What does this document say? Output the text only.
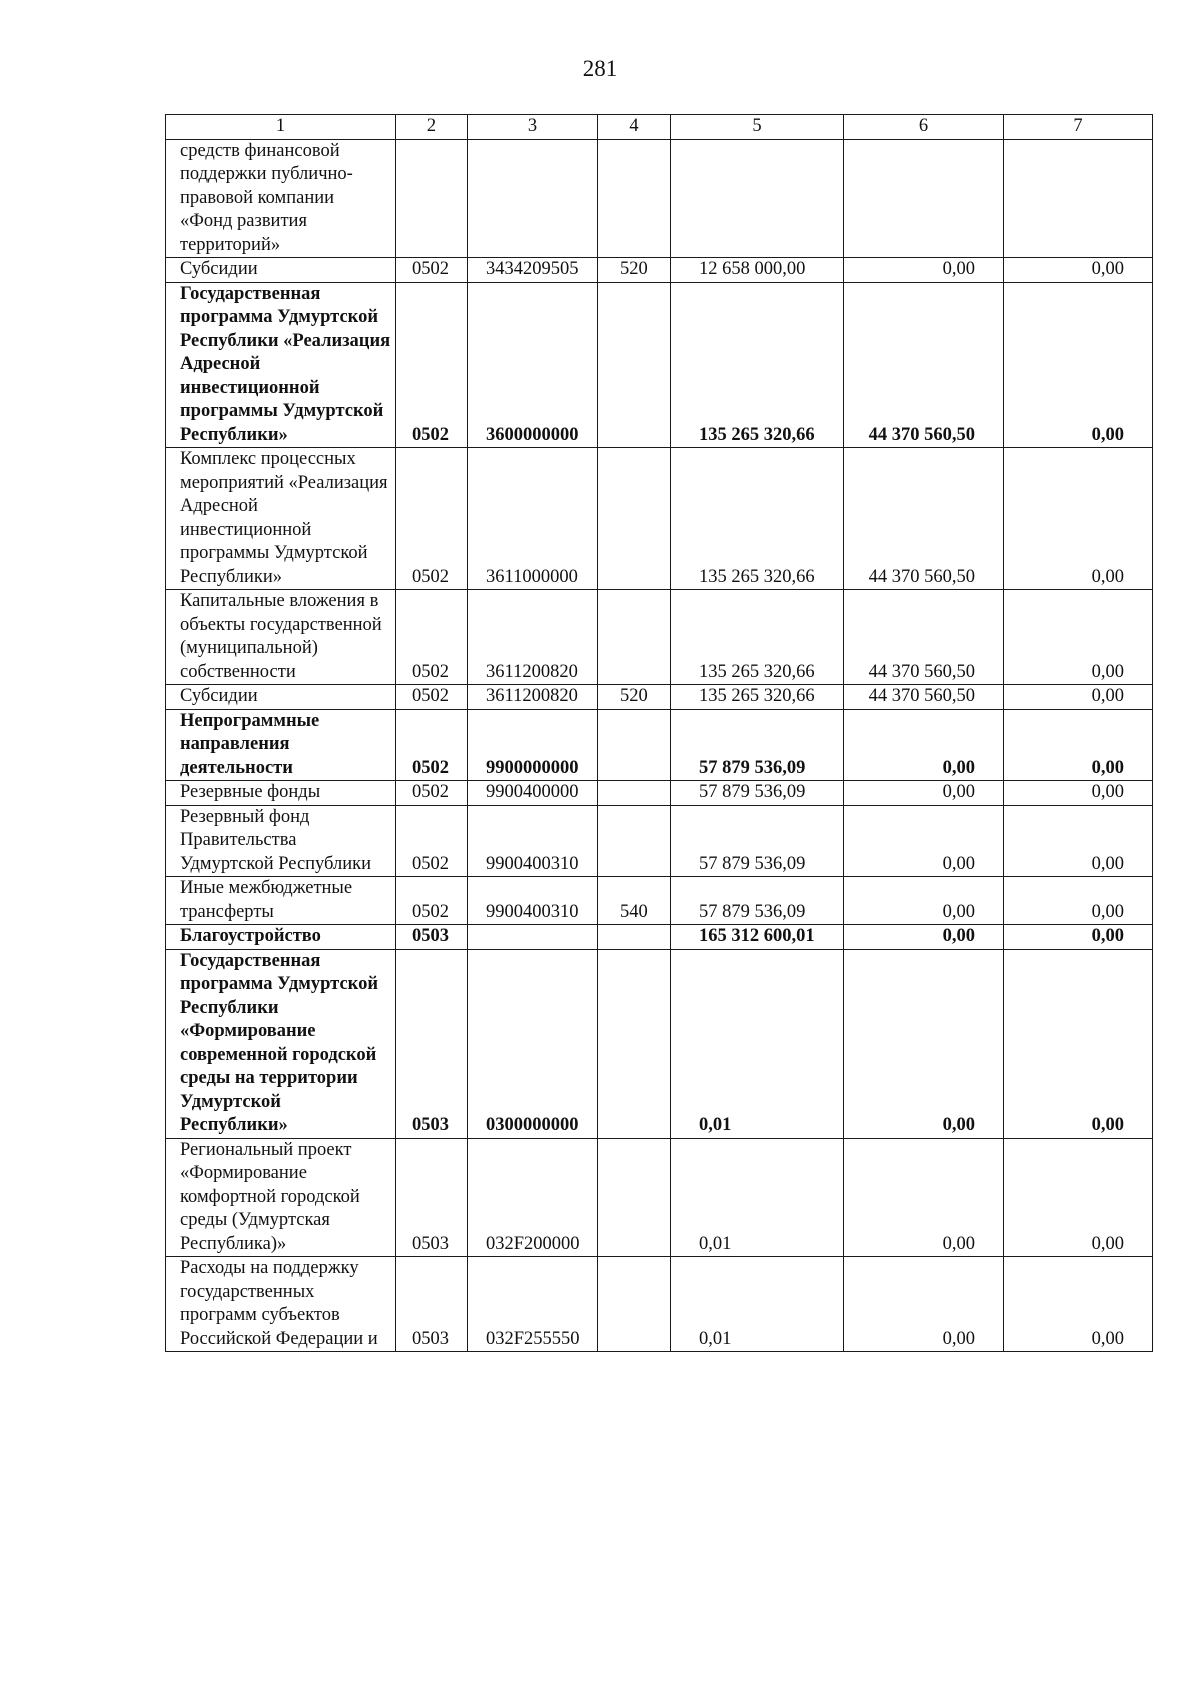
281
1	2	3	4	5	6	7
средств финансовой поддержки публично-правовой компании «Фонд развития территорий»						
Субсидии	0502	3434209505	520	12 658 000,00	0,00	0,00
Государственная программа Удмуртской Республики «Реализация Адресной инвестиционной программы Удмуртской Республики»	0502	3600000000		135 265 320,66	44 370 560,50	0,00
Комплекс процессных мероприятий «Реализация Адресной инвестиционной программы Удмуртской Республики»	0502	3611000000		135 265 320,66	44 370 560,50	0,00
Капитальные вложения в объекты государственной (муниципальной) собственности	0502	3611200820		135 265 320,66	44 370 560,50	0,00
Субсидии	0502	3611200820	520	135 265 320,66	44 370 560,50	0,00
Непрограммные направления деятельности	0502	9900000000		57 879 536,09	0,00	0,00
Резервные фонды	0502	9900400000		57 879 536,09	0,00	0,00
Резервный фонд Правительства Удмуртской Республики	0502	9900400310		57 879 536,09	0,00	0,00
Иные межбюджетные трансферты	0502	9900400310	540	57 879 536,09	0,00	0,00
Благоустройство	0503			165 312 600,01	0,00	0,00
Государственная программа Удмуртской Республики «Формирование современной городской среды на территории Удмуртской Республики»	0503	0300000000		0,01	0,00	0,00
Региональный проект «Формирование комфортной городской среды (Удмуртская Республика)»	0503	032F200000		0,01	0,00	0,00
Расходы на поддержку государственных программ субъектов Российской Федерации и	0503	032F255550		0,01	0,00	0,00
